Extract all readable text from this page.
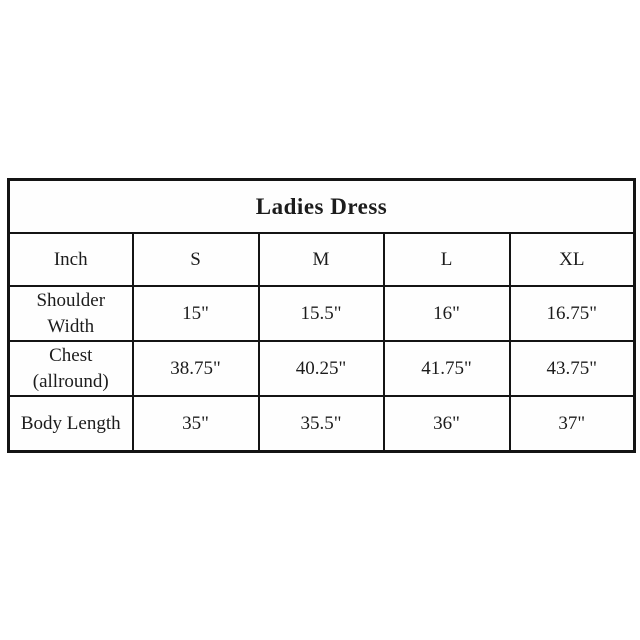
Ladies Dress				
Inch	S	M	L	XL
Shoulder Width	15"	15.5"	16"	16.75"
Chest (allround)	38.75"	40.25"	41.75"	43.75"
Body Length	35"	35.5"	36"	37"
